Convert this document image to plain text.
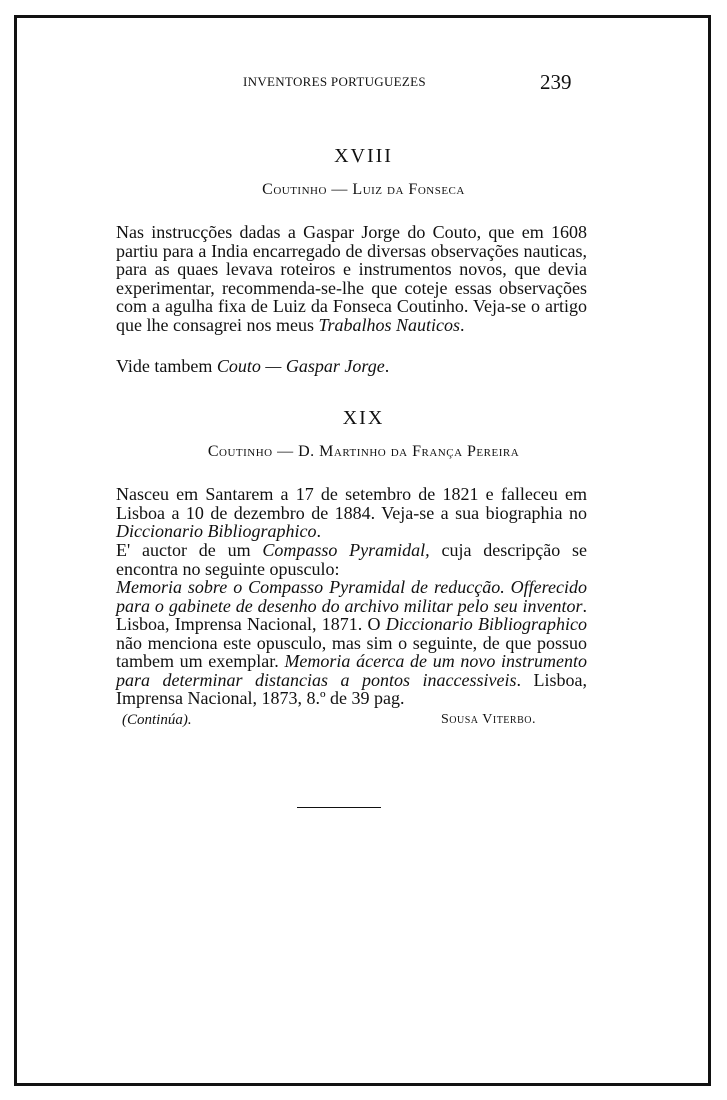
INVENTORES PORTUGUEZES	239
XVIII
Coutinho — Luiz da Fonseca

Nas instrucções dadas a Gaspar Jorge do Couto, que em 1608 partiu para a India encarregado de diversas observações nauticas, para as quaes levava roteiros e instrumentos novos, que devia experimentar, recommenda-se-lhe que coteje essas observações com a agulha fixa de Luiz da Fonseca Coutinho. Veja-se o artigo que lhe consagrei nos meus Trabalhos Nauticos.

Vide tambem Couto — Gaspar Jorge.

XIX
Coutinho — D. Martinho da França Pereira

Nasceu em Santarem a 17 de setembro de 1821 e falleceu em Lisboa a 10 de dezembro de 1884. Veja-se a sua biographia no Diccionario Bibliographico.

E' auctor de um Compasso Pyramidal, cuja descripção se encontra no seguinte opusculo:

Memoria sobre o Compasso Pyramidal de reducção. Offerecido para o gabinete de desenho do archivo militar pelo seu inventor. Lisboa, Imprensa Nacional, 1871. O Diccionario Bibliographico não menciona este opusculo, mas sim o seguinte, de que possuo tambem um exemplar. Memoria ácerca de um novo instrumento para determinar distancias a pontos inaccessiveis. Lisboa, Imprensa Nacional, 1873, 8.º de 39 pag.

(Continúa).	Sousa Viterbo.
